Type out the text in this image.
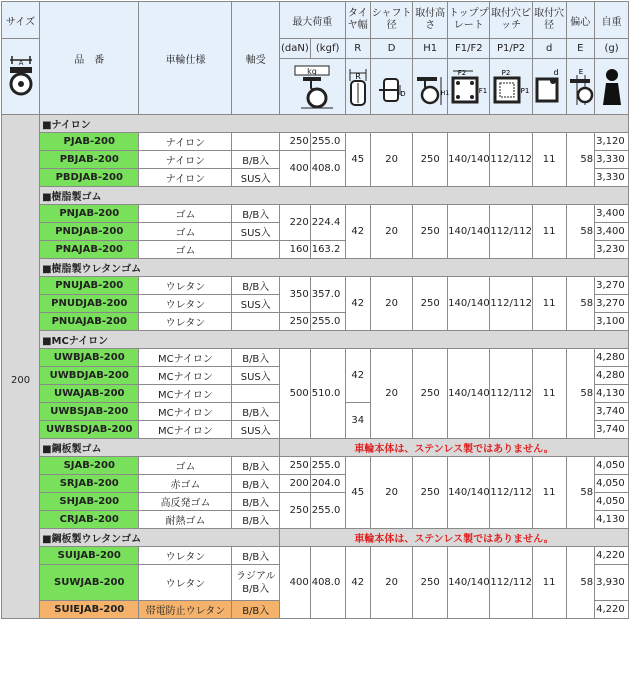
サイズ	品　番	車輪仕様	軸受	最大荷重		タイヤ幅	シャフト径	取付高さ	トッププレート	取付穴ピッチ	取付穴径	偏心	自重

A				(daN)	(kgf)	R	D	H1	F1/F2	P1/P2	d	E	(g)

kg		R	D	H1	F2
F1	P2
P1	d	E

200	■ナイロン												
	PJAB-200	ナイロン		250	255.0	45	20	250	140/140	112/112	11	58	3,120
	PBJAB-200	ナイロン	B/B入	400	408.0								3,330
	PBDJAB-200	ナイロン	SUS入										3,330
	■樹脂製ゴム												
	PNJAB-200	ゴム	B/B入	220	224.4	42	20	250	140/140	112/112	11	58	3,400
	PNDJAB-200	ゴム	SUS入										3,400
	PNAJAB-200	ゴム		160	163.2								3,230
	■樹脂製ウレタンゴム												
	PNUJAB-200	ウレタン	B/B入	350	357.0	42	20	250	140/140	112/112	11	58	3,270
	PNUDJAB-200	ウレタン	SUS入										3,270
	PNUAJAB-200	ウレタン		250	255.0								3,100
	■MCナイロン												
	UWBJAB-200	MCナイロン	B/B入	500	510.0	42	20	250	140/140	112/112	11	58	4,280
	UWBDJAB-200	MCナイロン	SUS入										4,280
	UWAJAB-200	MCナイロン											4,130
	UWBSJAB-200	MCナイロン	B/B入			34							3,740
	UWBSDJAB-200	MCナイロン	SUS入										3,740
	■鋼板製ゴム			車輪本体は、ステンレス製ではありません。									
	SJAB-200	ゴム	B/B入	250	255.0	45	20	250	140/140	112/112	11	58	4,050
	SRJAB-200	赤ゴム	B/B入	200	204.0								4,050
	SHJAB-200	高反発ゴム	B/B入	250	255.0								4,050
	CRJAB-200	耐熱ゴム	B/B入										4,130
	■鋼板製ウレタンゴム			車輪本体は、ステンレス製ではありません。									
	SUIJAB-200	ウレタン	B/B入	400	408.0	42	20	250	140/140	112/112	11	58	4,220
	SUWJAB-200	ウレタン	ラジアルB/B入										3,930
	SUIEJAB-200	帯電防止ウレタン	B/B入										4,220
